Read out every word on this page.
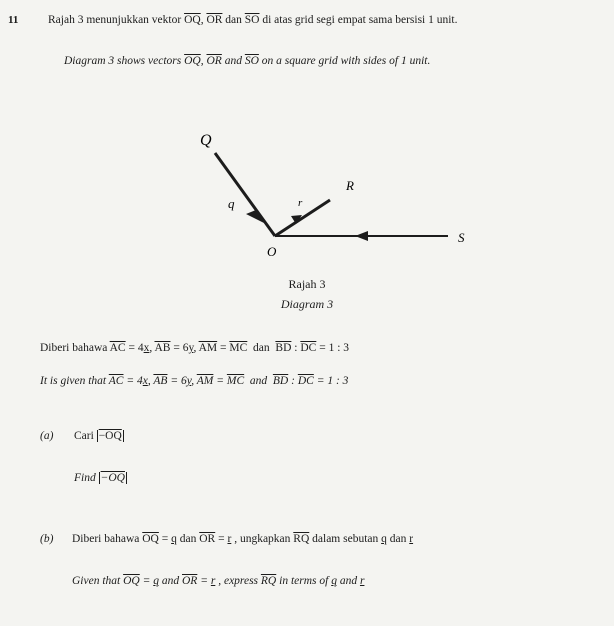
11	Rajah 3 menunjukkan vektor $\overline{OQ}$, $\overline{OR}$ dan $\overline{SO}$ di atas grid segi empat sama bersisi 1 unit.
Diagram 3 shows vectors $\overline{OQ}$, $\overline{OR}$ and $\overline{SO}$ on a square grid with sides of 1 unit.
Q
R
S
O
q	r
Rajah 3
Diagram 3
Diberi bahawa $\overline{AC} = 4x$, $\overline{AB} = 6y$, $\overline{AM} = \overline{MC}$  dan  $\overline{BD}$ : $\overline{DC} = 1$ : 3
It is given that $\overline{AC} = 4x$, $\overline{AB} = 6y$, $\overline{AM} = \overline{MC}$  and  $\overline{BD}$ : $\overline{DC} = 1$ : 3
(a) Cari −OQ
Find −OQ
(b) Diberi bahawa $\overline{OQ} = q$ dan $\overline{OR} = r$ , ungkapkan $\overline{RQ}$ dalam sebutan q dan r
Given that $\overline{OQ} = q$ and $\overline{OR} = r$ , express $\overline{RQ}$ in terms of q and r
